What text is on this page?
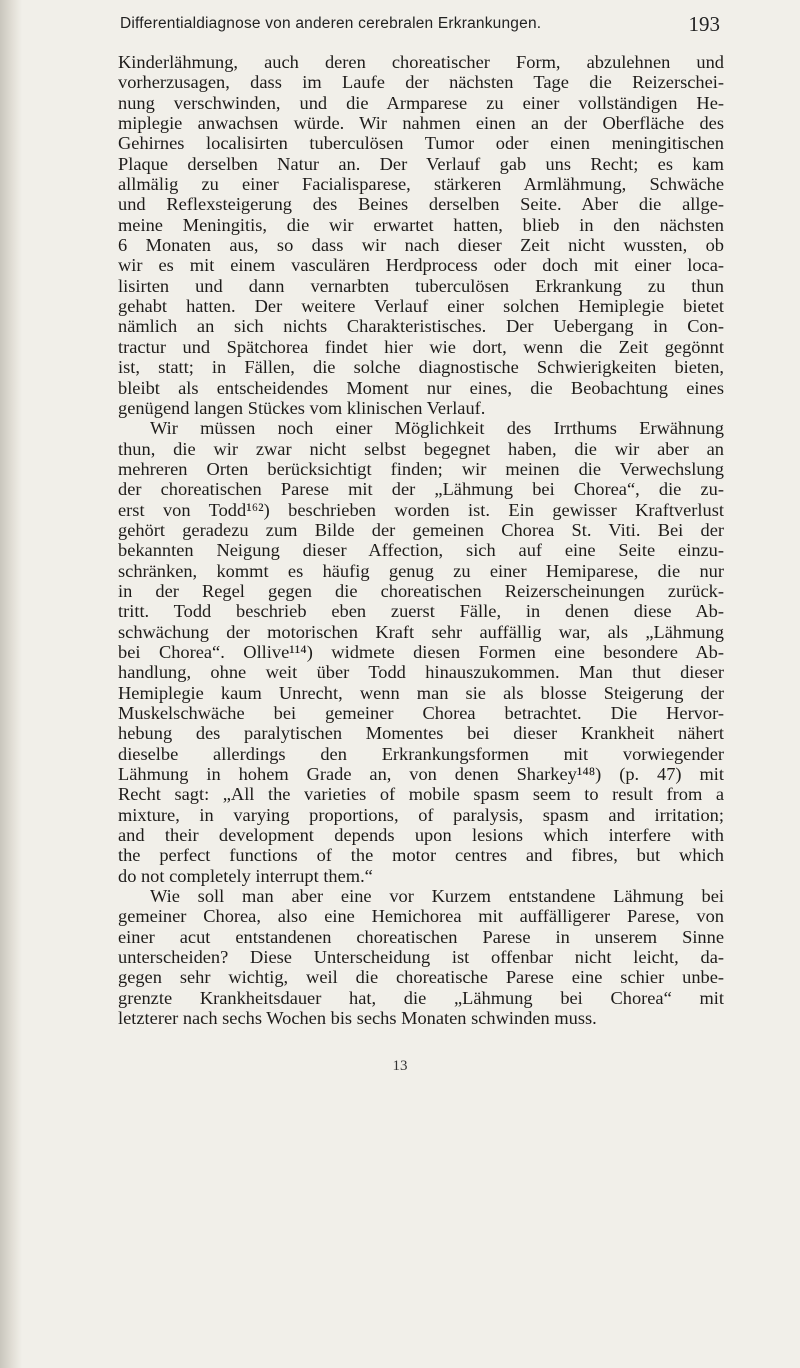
Differentialdiagnose von anderen cerebralen Erkrankungen.	193
Kinderlähmung, auch deren choreatischer Form, abzulehnen und
vorherzusagen, dass im Laufe der nächsten Tage die Reizerschei-
nung verschwinden, und die Armparese zu einer vollständigen He-
miplegie anwachsen würde. Wir nahmen einen an der Oberfläche des
Gehirnes localisirten tuberculösen Tumor oder einen meningitischen
Plaque derselben Natur an. Der Verlauf gab uns Recht; es kam
allmälig zu einer Facialisparese, stärkeren Armlähmung, Schwäche
und Reflexsteigerung des Beines derselben Seite. Aber die allge-
meine Meningitis, die wir erwartet hatten, blieb in den nächsten
6 Monaten aus, so dass wir nach dieser Zeit nicht wussten, ob
wir es mit einem vasculären Herdprocess oder doch mit einer loca-
lisirten und dann vernarbten tuberculösen Erkrankung zu thun
gehabt hatten. Der weitere Verlauf einer solchen Hemiplegie bietet
nämlich an sich nichts Charakteristisches. Der Uebergang in Con-
tractur und Spätchorea findet hier wie dort, wenn die Zeit gegönnt
ist, statt; in Fällen, die solche diagnostische Schwierigkeiten bieten,
bleibt als entscheidendes Moment nur eines, die Beobachtung eines
genügend langen Stückes vom klinischen Verlauf.
Wir müssen noch einer Möglichkeit des Irrthums Erwähnung
thun, die wir zwar nicht selbst begegnet haben, die wir aber an
mehreren Orten berücksichtigt finden; wir meinen die Verwechslung
der choreatischen Parese mit der „Lähmung bei Chorea“, die zu-
erst von Todd¹⁶²) beschrieben worden ist. Ein gewisser Kraftverlust
gehört geradezu zum Bilde der gemeinen Chorea St. Viti. Bei der
bekannten Neigung dieser Affection, sich auf eine Seite einzu-
schränken, kommt es häufig genug zu einer Hemiparese, die nur
in der Regel gegen die choreatischen Reizerscheinungen zurück-
tritt. Todd beschrieb eben zuerst Fälle, in denen diese Ab-
schwächung der motorischen Kraft sehr auffällig war, als „Lähmung
bei Chorea“. Ollive¹¹⁴) widmete diesen Formen eine besondere Ab-
handlung, ohne weit über Todd hinauszukommen. Man thut dieser
Hemiplegie kaum Unrecht, wenn man sie als blosse Steigerung der
Muskelschwäche bei gemeiner Chorea betrachtet. Die Hervor-
hebung des paralytischen Momentes bei dieser Krankheit nähert
dieselbe allerdings den Erkrankungsformen mit vorwiegender
Lähmung in hohem Grade an, von denen Sharkey¹⁴⁸) (p. 47) mit
Recht sagt: „All the varieties of mobile spasm seem to result from a
mixture, in varying proportions, of paralysis, spasm and irritation;
and their development depends upon lesions which interfere with
the perfect functions of the motor centres and fibres, but which
do not completely interrupt them.“
Wie soll man aber eine vor Kurzem entstandene Lähmung bei
gemeiner Chorea, also eine Hemichorea mit auffälligerer Parese, von
einer acut entstandenen choreatischen Parese in unserem Sinne
unterscheiden? Diese Unterscheidung ist offenbar nicht leicht, da-
gegen sehr wichtig, weil die choreatische Parese eine schier unbe-
grenzte Krankheitsdauer hat, die „Lähmung bei Chorea“ mit
letzterer nach sechs Wochen bis sechs Monaten schwinden muss.
13
